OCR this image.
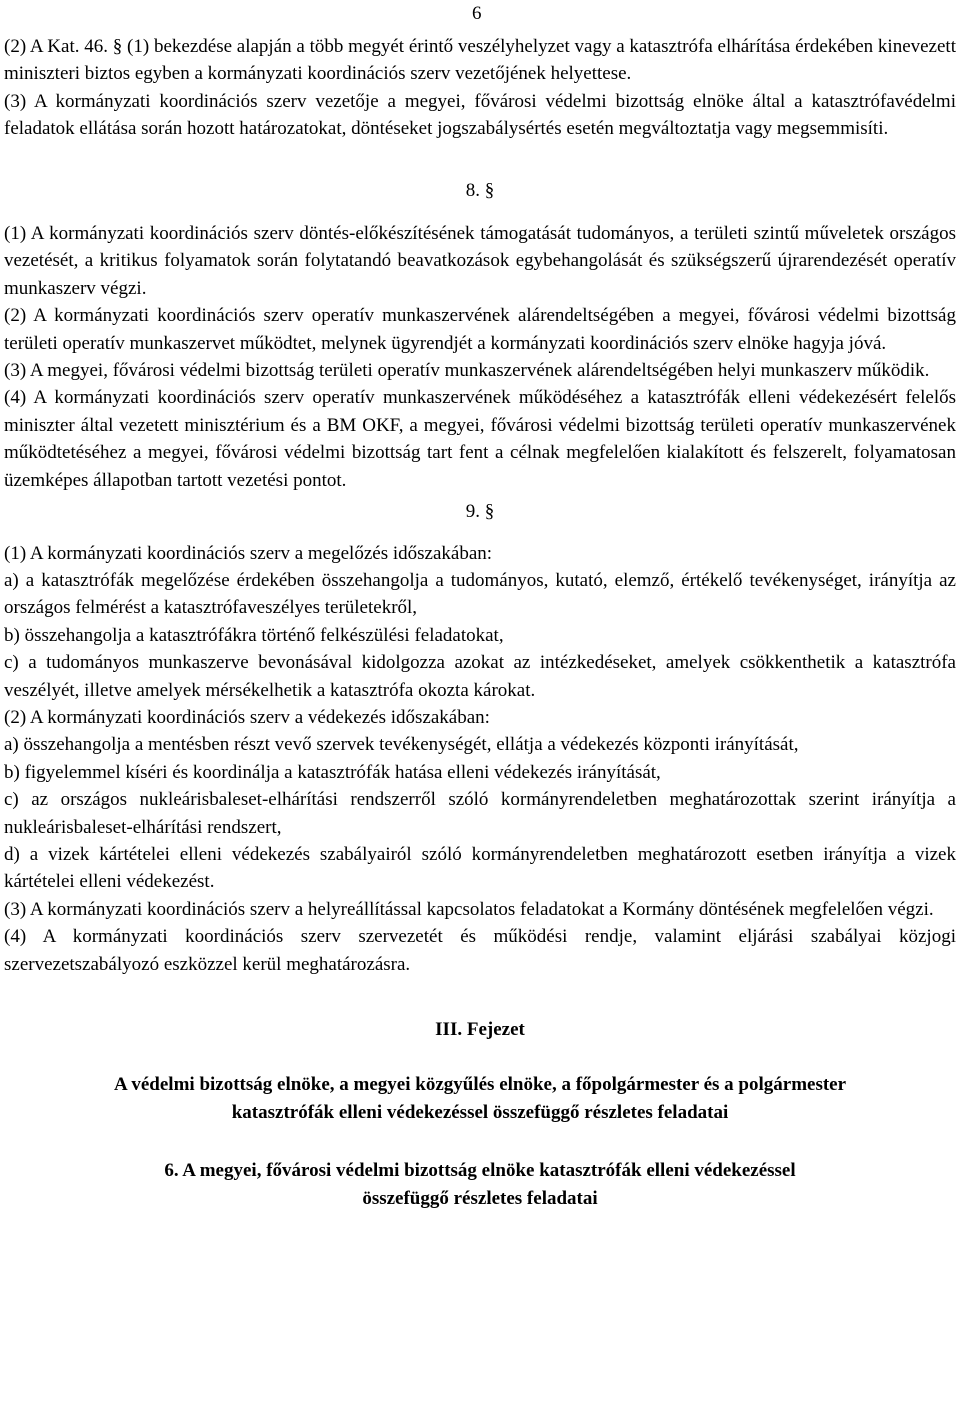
6

(2) A Kat. 46. § (1) bekezdése alapján a több megyét érintő veszélyhelyzet vagy a katasztrófa elhárítása érdekében kinevezett miniszteri biztos egyben a kormányzati koordinációs szerv vezetőjének helyettese.

(3) A kormányzati koordinációs szerv vezetője a megyei, fővárosi védelmi bizottság elnöke által a katasztrófavédelmi feladatok ellátása során hozott határozatokat, döntéseket jogszabálysértés esetén megváltoztatja vagy megsemmisíti.

8. §

(1) A kormányzati koordinációs szerv döntés-előkészítésének támogatását tudományos, a területi szintű műveletek országos vezetését, a kritikus folyamatok során folytatandó beavatkozások egybehangolását és szükségszerű újrarendezését operatív munkaszerv végzi.

(2) A kormányzati koordinációs szerv operatív munkaszervének alárendeltségében a megyei, fővárosi védelmi bizottság területi operatív munkaszervet működtet, melynek ügyrendjét a kormányzati koordinációs szerv elnöke hagyja jóvá.

(3) A megyei, fővárosi védelmi bizottság területi operatív munkaszervének alárendeltségében helyi munkaszerv működik.

(4) A kormányzati koordinációs szerv operatív munkaszervének működéséhez a katasztrófák elleni védekezésért felelős miniszter által vezetett minisztérium és a BM OKF, a megyei, fővárosi védelmi bizottság területi operatív munkaszervének működtetéséhez a megyei, fővárosi védelmi bizottság tart fent a célnak megfelelően kialakított és felszerelt, folyamatosan üzemképes állapotban tartott vezetési pontot.

9. §

(1) A kormányzati koordinációs szerv a megelőzés időszakában:

a) a katasztrófák megelőzése érdekében összehangolja a tudományos, kutató, elemző, értékelő tevékenységet, irányítja az országos felmérést a katasztrófaveszélyes területekről,

b) összehangolja a katasztrófákra történő felkészülési feladatokat,

c) a tudományos munkaszerve bevonásával kidolgozza azokat az intézkedéseket, amelyek csökkenthetik a katasztrófa veszélyét, illetve amelyek mérsékelhetik a katasztrófa okozta károkat.

(2) A kormányzati koordinációs szerv a védekezés időszakában:

a) összehangolja a mentésben részt vevő szervek tevékenységét, ellátja a védekezés központi irányítását,

b) figyelemmel kíséri és koordinálja a katasztrófák hatása elleni védekezés irányítását,

c) az országos nukleárisbaleset-elhárítási rendszerről szóló kormányrendeletben meghatározottak szerint irányítja a nukleárisbaleset-elhárítási rendszert,

d) a vizek kártételei elleni védekezés szabályairól szóló kormányrendeletben meghatározott esetben irányítja a vizek kártételei elleni védekezést.

(3) A kormányzati koordinációs szerv a helyreállítással kapcsolatos feladatokat a Kormány döntésének megfelelően végzi.

(4) A kormányzati koordinációs szerv szervezetét és működési rendje, valamint eljárási szabályai közjogi szervezetszabályozó eszközzel kerül meghatározásra.

III. Fejezet

A védelmi bizottság elnöke, a megyei közgyűlés elnöke, a főpolgármester és a polgármester
katasztrófák elleni védekezéssel összefüggő részletes feladatai
6. A megyei, fővárosi védelmi bizottság elnöke katasztrófák elleni védekezéssel
összefüggő részletes feladatai
